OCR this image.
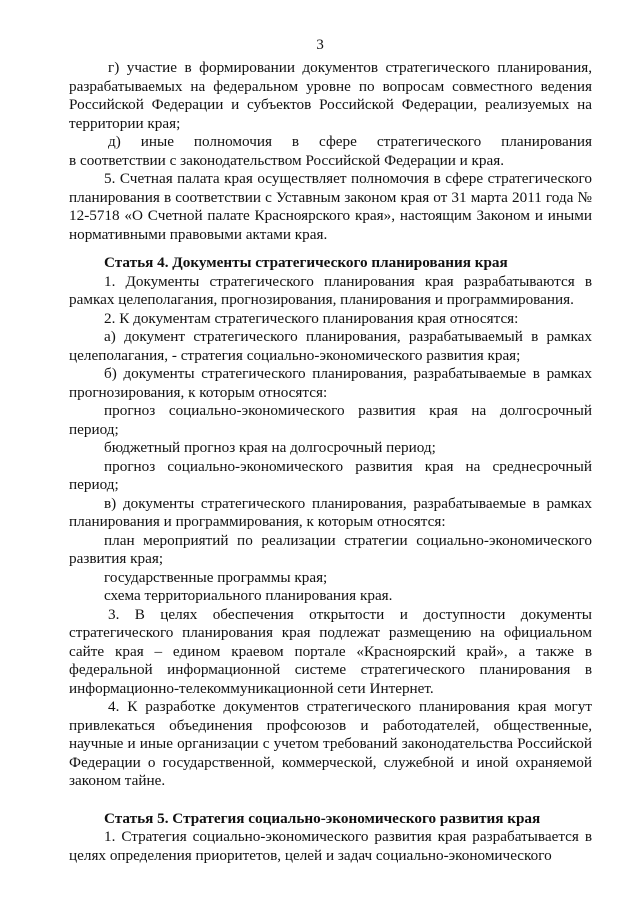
3

г) участие в формировании документов стратегического планирования, разрабатываемых на федеральном уровне по вопросам совместного ведения Российской Федерации и субъектов Российской Федерации, реализуемых на территории края;

д) иные полномочия в сфере стратегического планирования

в соответствии с законодательством Российской Федерации и края.

5. Счетная палата края осуществляет полномочия в сфере стратегического планирования в соответствии с Уставным законом края от 31 марта 2011 года № 12-5718 «О Счетной палате Красноярского края», настоящим Законом и иными нормативными правовыми актами края.

Статья 4. Документы стратегического планирования края

1. Документы стратегического планирования края разрабатываются в рамках целеполагания, прогнозирования, планирования и программирования.

2. К документам стратегического планирования края относятся:

а) документ стратегического планирования, разрабатываемый в рамках целеполагания, - стратегия социально-экономического развития края;

б) документы стратегического планирования, разрабатываемые в рамках прогнозирования, к которым относятся:

прогноз социально-экономического развития края на долгосрочный период;

бюджетный прогноз края на долгосрочный период;

прогноз социально-экономического развития края на среднесрочный период;

в) документы стратегического планирования, разрабатываемые в рамках планирования и программирования, к которым относятся:

план мероприятий по реализации стратегии социально-экономического развития края;

государственные программы края;

схема территориального планирования края.

3. В целях обеспечения открытости и доступности документы стратегического планирования края подлежат размещению на официальном сайте края – едином краевом портале «Красноярский край», а также в федеральной информационной системе стратегического планирования в информационно-телекоммуникационной сети Интернет.

4. К разработке документов стратегического планирования края могут привлекаться объединения профсоюзов и работодателей, общественные, научные и иные организации с учетом требований законодательства Российской Федерации о государственной, коммерческой, служебной и иной охраняемой законом тайне.

Статья 5. Стратегия социально-экономического развития края

1. Стратегия социально-экономического развития края разрабатывается в целях определения приоритетов, целей и задач социально-экономического
